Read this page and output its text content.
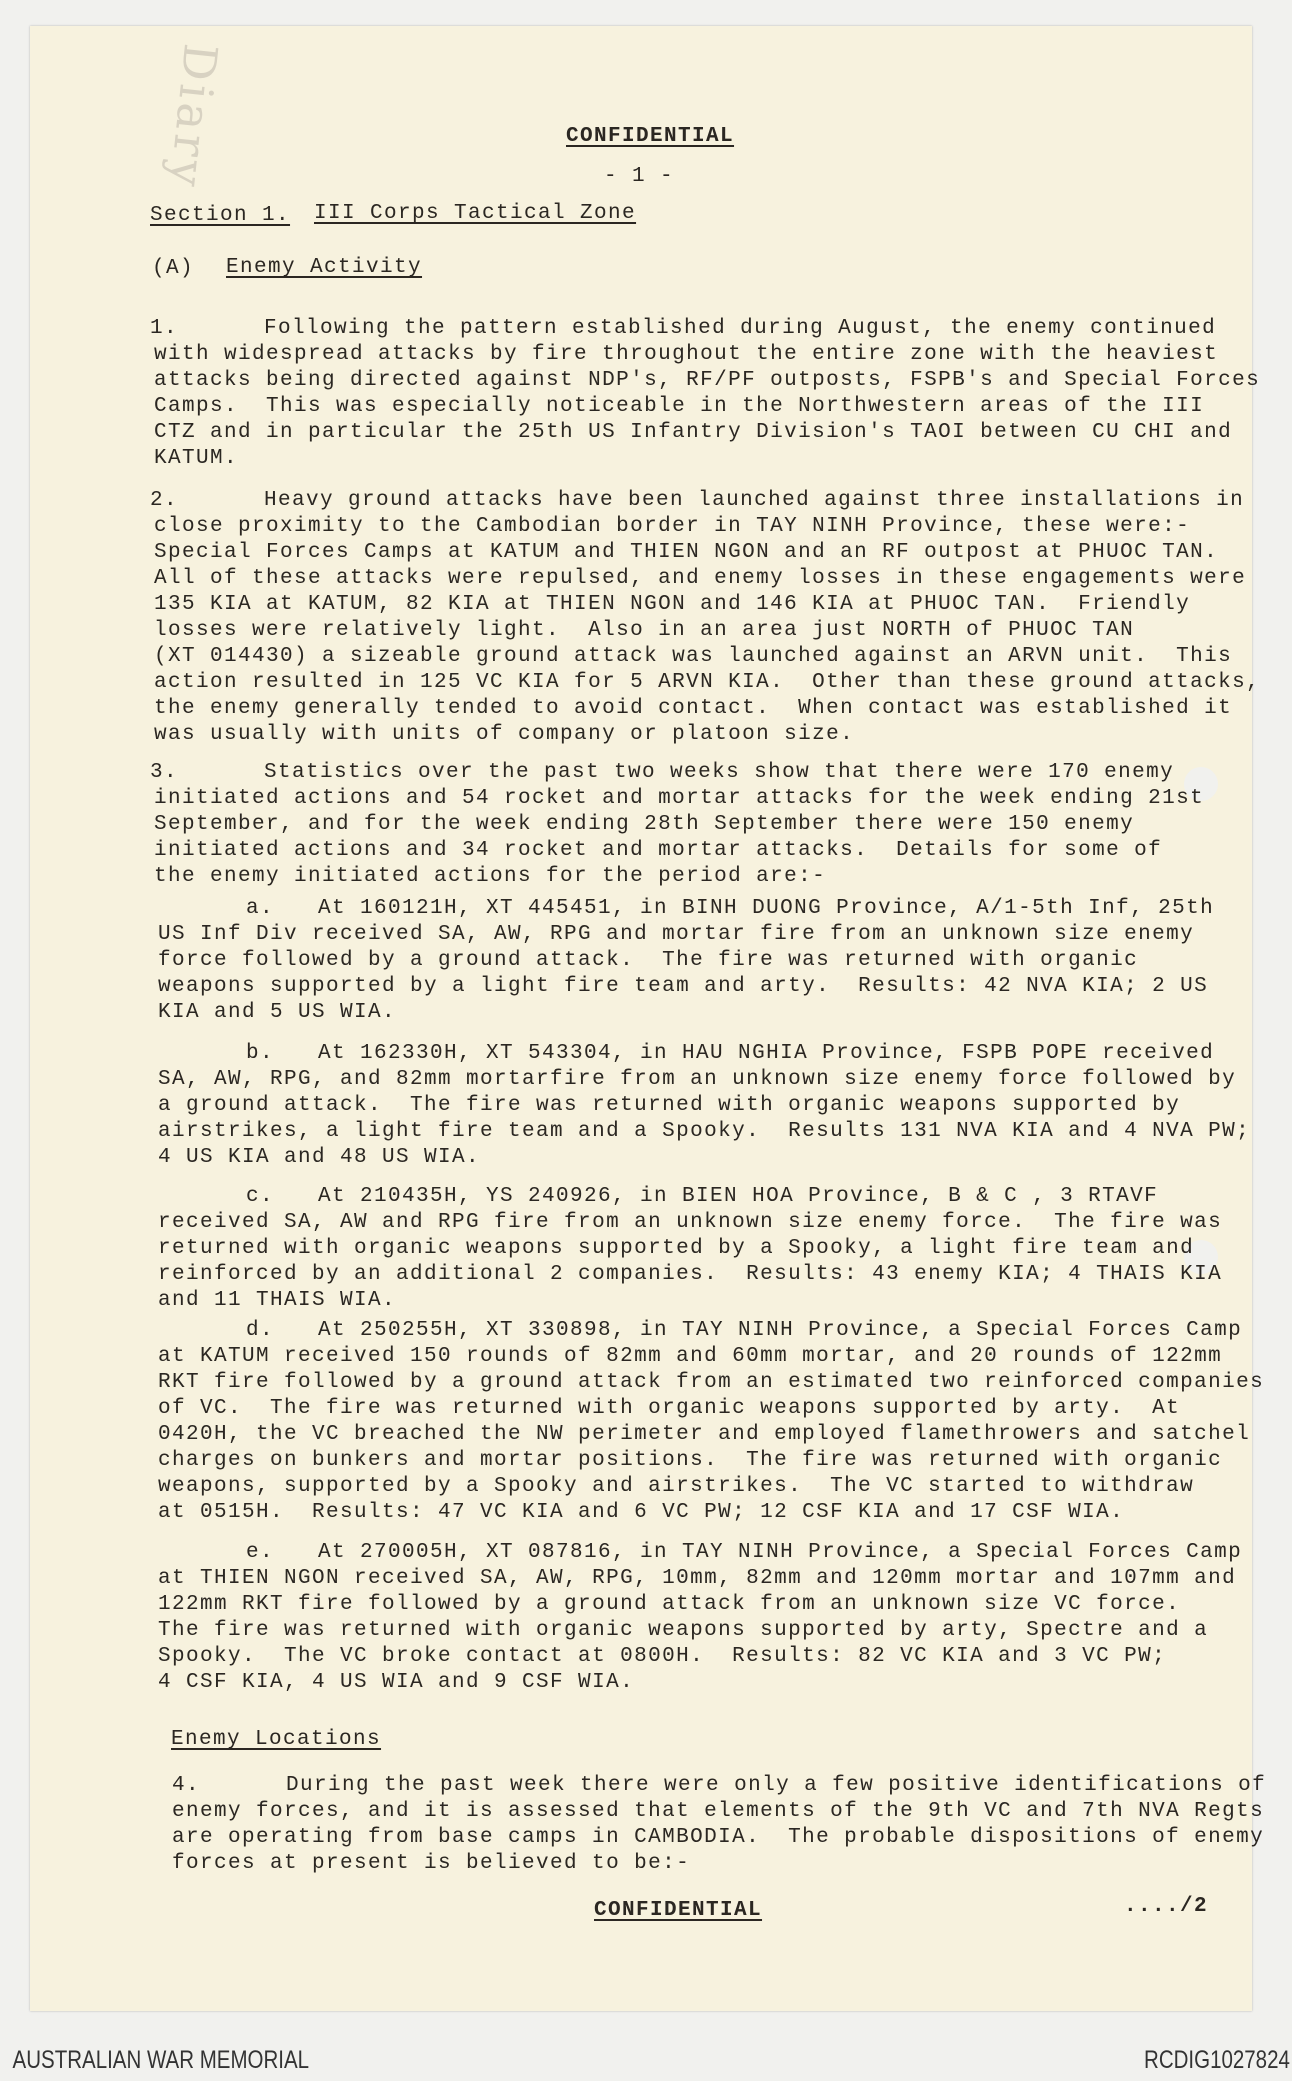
Diary	CONFIDENTIAL
- 1 -
Section 1. III Corps Tactical Zone
(A) Enemy Activity
1.	Following the pattern established during August, the enemy continued
with widespread attacks by fire throughout the entire zone with the heaviest
attacks being directed against NDP's, RF/PF outposts, FSPB's and Special Forces
Camps.  This was especially noticeable in the Northwestern areas of the III
CTZ and in particular the 25th US Infantry Division's TAOI between CU CHI and
KATUM.
2.	Heavy ground attacks have been launched against three installations in
close proximity to the Cambodian border in TAY NINH Province, these were:-
Special Forces Camps at KATUM and THIEN NGON and an RF outpost at PHUOC TAN.
All of these attacks were repulsed, and enemy losses in these engagements were
135 KIA at KATUM, 82 KIA at THIEN NGON and 146 KIA at PHUOC TAN.  Friendly
losses were relatively light.  Also in an area just NORTH of PHUOC TAN
(XT 014430) a sizeable ground attack was launched against an ARVN unit.  This
action resulted in 125 VC KIA for 5 ARVN KIA.  Other than these ground attacks,
the enemy generally tended to avoid contact.  When contact was established it
was usually with units of company or platoon size.
3.	Statistics over the past two weeks show that there were 170 enemy
initiated actions and 54 rocket and mortar attacks for the week ending 21st
September, and for the week ending 28th September there were 150 enemy
initiated actions and 34 rocket and mortar attacks.  Details for some of
the enemy initiated actions for the period are:-
a. At 160121H, XT 445451, in BINH DUONG Province, A/1-5th Inf, 25th
US Inf Div received SA, AW, RPG and mortar fire from an unknown size enemy
force followed by a ground attack.  The fire was returned with organic
weapons supported by a light fire team and arty.  Results: 42 NVA KIA; 2 US
KIA and 5 US WIA.
b. At 162330H, XT 543304, in HAU NGHIA Province, FSPB POPE received
SA, AW, RPG, and 82mm mortarfire from an unknown size enemy force followed by
a ground attack.  The fire was returned with organic weapons supported by
airstrikes, a light fire team and a Spooky.  Results 131 NVA KIA and 4 NVA PW;
4 US KIA and 48 US WIA.
c. At 210435H, YS 240926, in BIEN HOA Province, B & C , 3 RTAVF
received SA, AW and RPG fire from an unknown size enemy force.  The fire was
returned with organic weapons supported by a Spooky, a light fire team and
reinforced by an additional 2 companies.  Results: 43 enemy KIA; 4 THAIS KIA
and 11 THAIS WIA.
d. At 250255H, XT 330898, in TAY NINH Province, a Special Forces Camp
at KATUM received 150 rounds of 82mm and 60mm mortar, and 20 rounds of 122mm
RKT fire followed by a ground attack from an estimated two reinforced companies
of VC.  The fire was returned with organic weapons supported by arty.  At
0420H, the VC breached the NW perimeter and employed flamethrowers and satchel
charges on bunkers and mortar positions.  The fire was returned with organic
weapons, supported by a Spooky and airstrikes.  The VC started to withdraw
at 0515H.  Results: 47 VC KIA and 6 VC PW; 12 CSF KIA and 17 CSF WIA.
e. At 270005H, XT 087816, in TAY NINH Province, a Special Forces Camp
at THIEN NGON received SA, AW, RPG, 10mm, 82mm and 120mm mortar and 107mm and
122mm RKT fire followed by a ground attack from an unknown size VC force.
The fire was returned with organic weapons supported by arty, Spectre and a
Spooky.  The VC broke contact at 0800H.  Results: 82 VC KIA and 3 VC PW;
4 CSF KIA, 4 US WIA and 9 CSF WIA.
4.	During the past week there were only a few positive identifications of
enemy forces, and it is assessed that elements of the 9th VC and 7th NVA Regts
are operating from base camps in CAMBODIA.  The probable dispositions of enemy
forces at present is believed to be:-
Enemy Locations
CONFIDENTIAL	..../2
AUSTRALIAN WAR MEMORIAL	RCDIG1027824
